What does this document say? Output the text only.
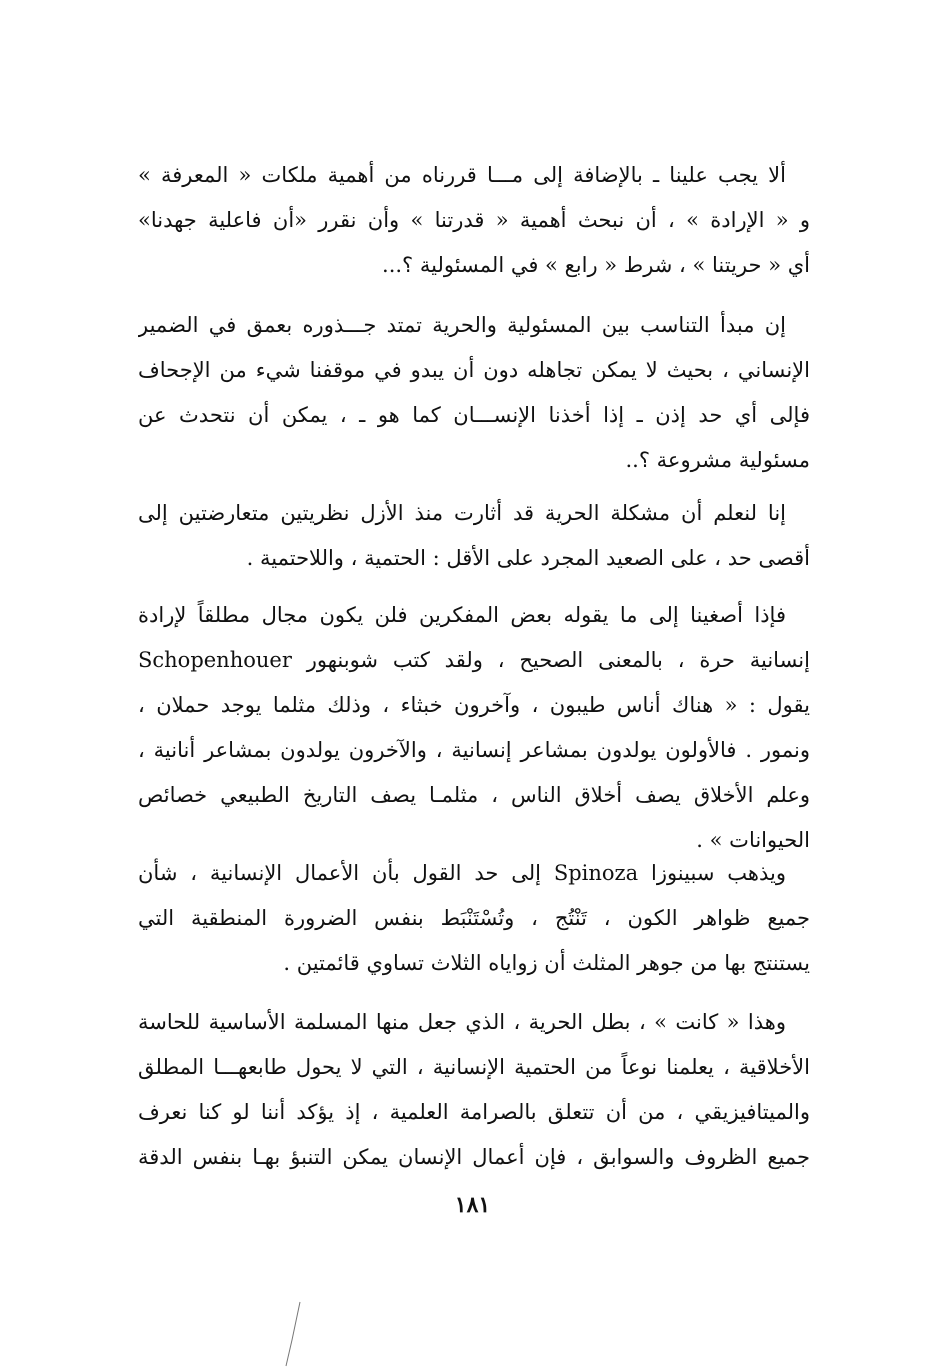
ألا يجب علينا ـ بالإضافة إلى مـــا قررناه من أهمية ملكات « المعرفة »
و « الإرادة » ، أن نبحث أهمية « قدرتنا » وأن نقرر «أن فاعلية جهدنا»
أي « حريتنا » ، شرط « رابع » في المسئولية ؟...
إن مبدأ التناسب بين المسئولية والحرية تمتد جـــذوره بعمق في الضمير
الإنساني ، بحيث لا يمكن تجاهله دون أن يبدو في موقفنا شيء من الإجحاف
فإلى أي حد إذن ـ إذا أخذنا الإنســـان كما هو ـ ، يمكن أن نتحدث عن
مسئولية مشروعة ؟..
إنا لنعلم أن مشكلة الحرية قد أثارت منذ الأزل نظريتين متعارضتين إلى
أقصى حد ، على الصعيد المجرد على الأقل : الحتمية ، واللاحتمية .
فإذا أصغينا إلى ما يقوله بعض المفكرين فلن يكون مجال مطلقاً لإرادة
إنسانية حرة ، بالمعنى الصحيح ، ولقد كتب شوبنهور Schopenhouer
يقول : « هناك أناس طيبون ، وآخرون خبثاء ، وذلك مثلما يوجد حملان ،
ونمور . فالأولون يولدون بمشاعر إنسانية ، والآخرون يولدون بمشاعر أنانية ،
وعلم الأخلاق يصف أخلاق الناس ، مثلمـا يصف التاريخ الطبيعي خصائص
الحيوانات » .
ويذهب سبينوزا Spinoza إلى حد القول بأن الأعمال الإنسانية ، شأن
جميع ظواهر الكون ، تَنْتُج ، وتُسْتَنْبَط بنفس الضرورة المنطقية التي
يستنتج بها من جوهر المثلث أن زواياه الثلاث تساوي قائمتين .
وهذا « كانت » ، بطل الحرية ، الذي جعل منها المسلمة الأساسية للحاسة
الأخلاقية ، يعلمنا نوعاً من الحتمية الإنسانية ، التي لا يحول طابعهـــا المطلق
والميتافيزيقي ، من أن تتعلق بالصرامة العلمية ، إذ يؤكد أننا لو كنا نعرف
جميع الظروف والسوابق ، فإن أعمال الإنسان يمكن التنبؤ بهـا بنفس الدقة
١٨١
